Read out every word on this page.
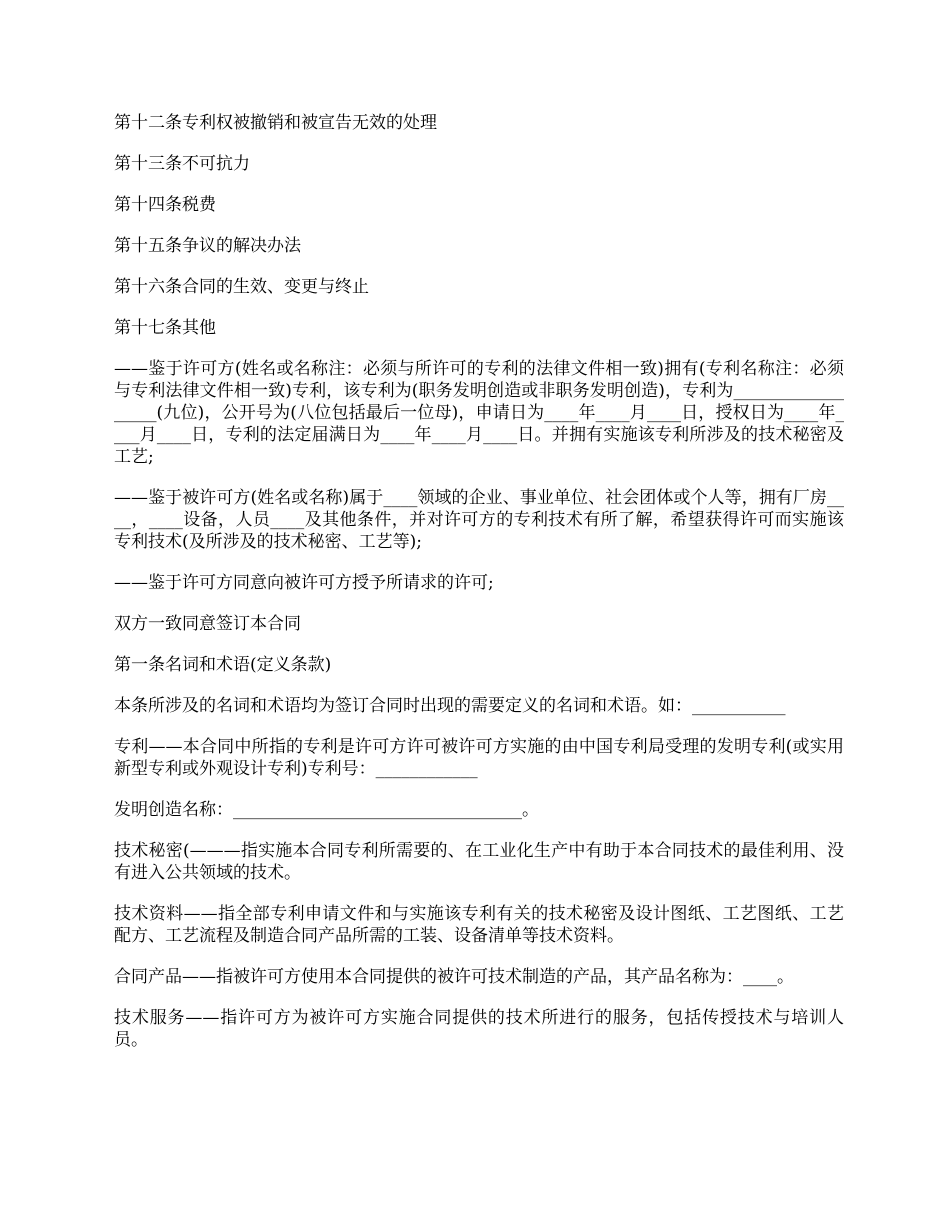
第十二条专利权被撤销和被宣告无效的处理

第十三条不可抗力

第十四条税费

第十五条争议的解决办法

第十六条合同的生效、变更与终止

第十七条其他

——鉴于许可方(姓名或名称注：必须与所许可的专利的法律文件相一致)拥有(专利名称注：必须与专利法律文件相一致)专利，该专利为(职务发明创造或非职务发明创造)，专利为__________________(九位)，公开号为(八位包括最后一位母)，申请日为____年____月____日，授权日为____年____月____日，专利的法定届满日为____年____月____日。并拥有实施该专利所涉及的技术秘密及工艺;

——鉴于被许可方(姓名或名称)属于____领域的企业、事业单位、社会团体或个人等，拥有厂房____，____设备，人员____及其他条件，并对许可方的专利技术有所了解，希望获得许可而实施该专利技术(及所涉及的技术秘密、工艺等);

——鉴于许可方同意向被许可方授予所请求的许可;

双方一致同意签订本合同

第一条名词和术语(定义条款)

本条所涉及的名词和术语均为签订合同时出现的需要定义的名词和术语。如：___________

专利——本合同中所指的专利是许可方许可被许可方实施的由中国专利局受理的发明专利(或实用新型专利或外观设计专利)专利号：____________

发明创造名称：__________________________________。

技术秘密(———指实施本合同专利所需要的、在工业化生产中有助于本合同技术的最佳利用、没有进入公共领域的技术。

技术资料——指全部专利申请文件和与实施该专利有关的技术秘密及设计图纸、工艺图纸、工艺配方、工艺流程及制造合同产品所需的工装、设备清单等技术资料。

合同产品——指被许可方使用本合同提供的被许可技术制造的产品，其产品名称为：____。

技术服务——指许可方为被许可方实施合同提供的技术所进行的服务，包括传授技术与培训人员。
